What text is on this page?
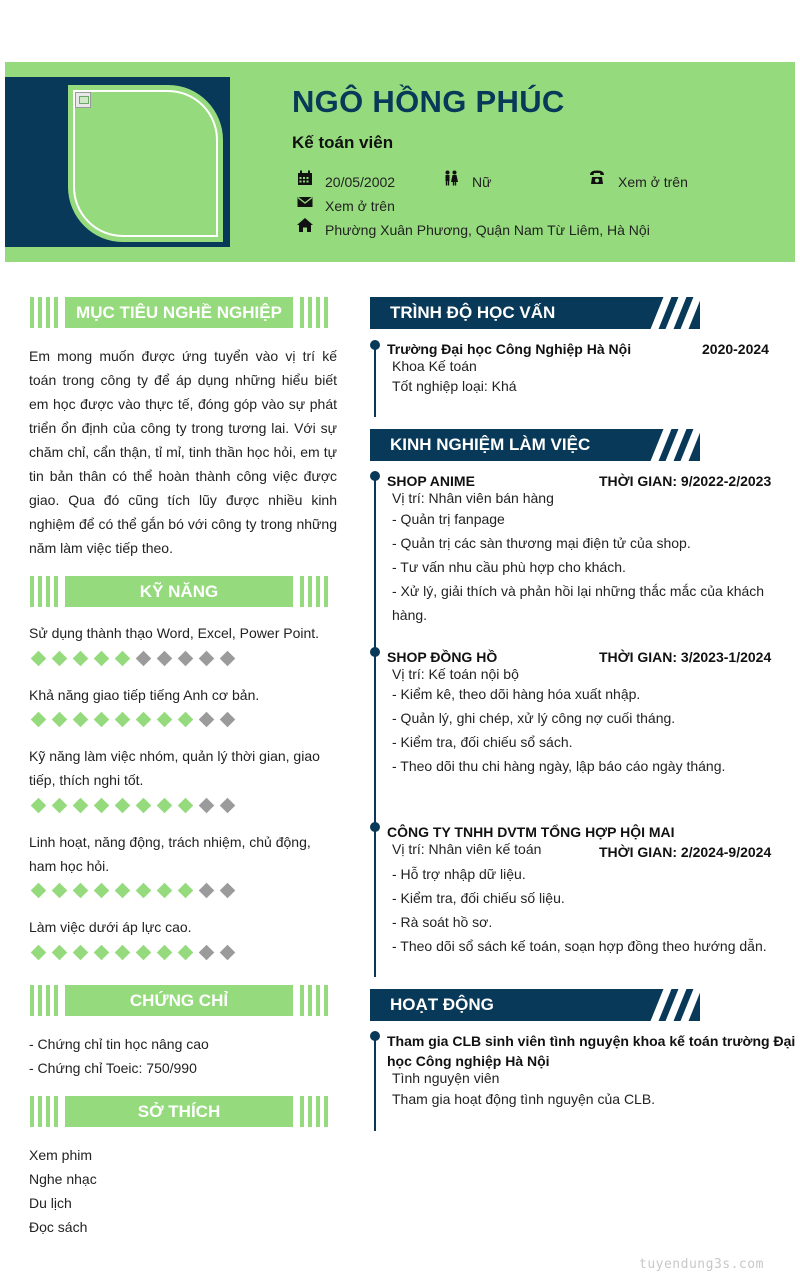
NGÔ HỒNG PHÚC
Kế toán viên
20/05/2002	Nữ	Xem ở trên
Xem ở trên
Phường Xuân Phương, Quận Nam Từ Liêm, Hà Nội
MỤC TIÊU NGHỀ NGHIỆP
Em mong muốn được ứng tuyển vào vị trí kế toán trong công ty để áp dụng những hiểu biết em học được vào thực tế, đóng góp vào sự phát triển ổn định của công ty trong tương lai. Với sự chăm chỉ, cẩn thận, tỉ mỉ, tinh thần học hỏi, em tự tin bản thân có thể hoàn thành công việc được giao. Qua đó cũng tích lũy được nhiều kinh nghiệm để có thể gắn bó với công ty trong những năm làm việc tiếp theo.
KỸ NĂNG
Sử dụng thành thạo Word, Excel, Power Point.
Khả năng giao tiếp tiếng Anh cơ bản.
Kỹ năng làm việc nhóm, quản lý thời gian, giao tiếp, thích nghi tốt.
Linh hoạt, năng động, trách nhiệm, chủ động, ham học hỏi.
Làm việc dưới áp lực cao.
CHỨNG CHỈ
- Chứng chỉ tin học nâng cao
- Chứng chỉ Toeic: 750/990
SỞ THÍCH
Xem phim
Nghe nhạc
Du lịch
Đọc sách
TRÌNH ĐỘ HỌC VẤN
Trường Đại học Công Nghiệp Hà Nội	2020-2024
Khoa Kế toán
Tốt nghiệp loại: Khá
KINH NGHIỆM LÀM VIỆC
SHOP ANIME	THỜI GIAN: 9/2022-2/2023
Vị trí: Nhân viên bán hàng
- Quản trị fanpage
- Quản trị các sàn thương mại điện tử của shop.
- Tư vấn nhu cầu phù hợp cho khách.
- Xử lý, giải thích và phản hồi lại những thắc mắc của khách
hàng.
SHOP ĐỒNG HỒ	THỜI GIAN: 3/2023-1/2024
Vị trí: Kế toán nội bộ
- Kiểm kê, theo dõi hàng hóa xuất nhập.
- Quản lý, ghi chép, xử lý công nợ cuối tháng.
- Kiểm tra, đối chiếu sổ sách.
- Theo dõi thu chi hàng ngày, lập báo cáo ngày tháng.
CÔNG TY TNHH DVTM TỔNG HỢP HỘI MAI
Vị trí: Nhân viên kế toán	THỜI GIAN: 2/2024-9/2024
- Hỗ trợ nhập dữ liệu.
- Kiểm tra, đối chiếu số liệu.
- Rà soát hồ sơ.
- Theo dõi sổ sách kế toán, soạn hợp đồng theo hướng dẫn.
HOẠT ĐỘNG
Tham gia CLB sinh viên tình nguyện khoa kế toán trường Đại
học Công nghiệp Hà Nội
Tình nguyện viên
Tham gia hoạt động tình nguyện của CLB.
tuyendung3s.com
